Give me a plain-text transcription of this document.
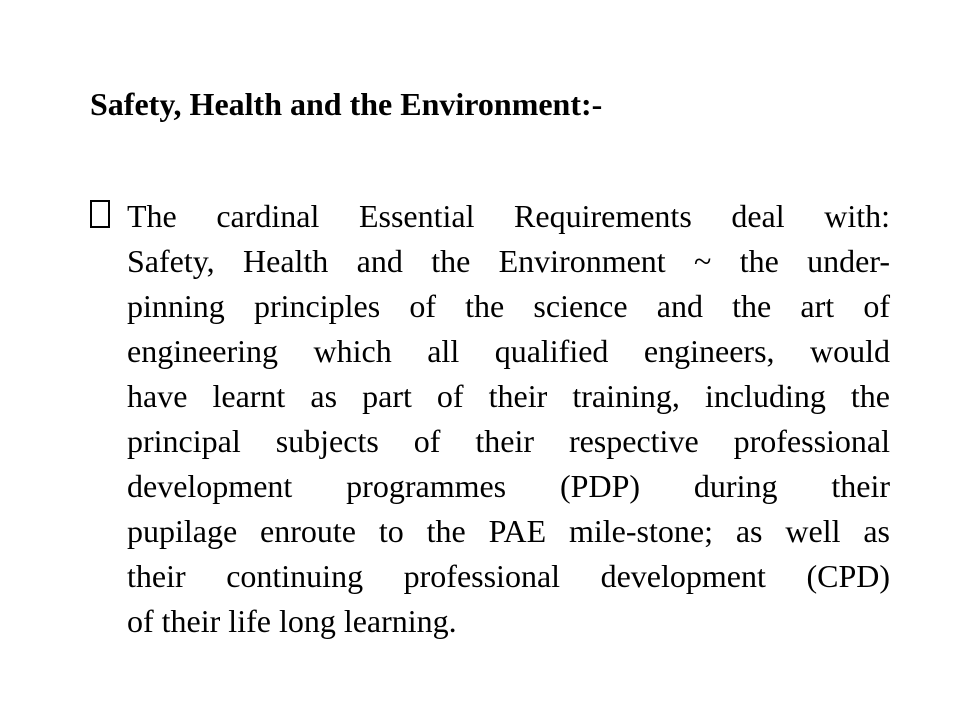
Safety, Health and the Environment:-
The cardinal Essential Requirements deal with:
Safety, Health and the Environment ~ the under-
pinning principles of the science and the art of
engineering which all qualified engineers, would
have learnt as part of their training, including the
principal subjects of their respective professional
development programmes (PDP) during their
pupilage enroute to the PAE mile-stone; as well as
their continuing professional development (CPD)
of their life long learning.
